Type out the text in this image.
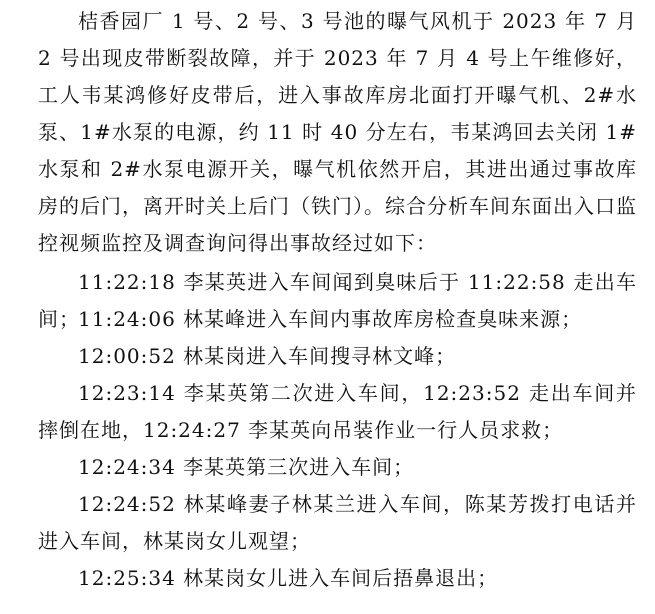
桔香园厂 1 号、2 号、3 号池的曝气风机于 2023 年 7 月 2 号出现皮带断裂故障，并于 2023 年 7 月 4 号上午维修好，工人韦某鸿修好皮带后，进入事故库房北面打开曝气机、2#水泵、1#水泵的电源，约 11 时 40 分左右，韦某鸿回去关闭 1#水泵和 2#水泵电源开关，曝气机依然开启，其进出通过事故库房的后门，离开时关上后门（铁门）。综合分析车间东面出入口监控视频监控及调查询问得出事故经过如下：

11:22:18 李某英进入车间闻到臭味后于 11:22:58 走出车间；

11:24:06 林某峰进入车间内事故库房检查臭味来源；

12:00:52 林某岗进入车间搜寻林文峰；

12:23:14 李某英第二次进入车间，12:23:52 走出车间并摔倒在地，12:24:27 李某英向吊装作业一行人员求救；

12:24:34 李某英第三次进入车间；

12:24:52 林某峰妻子林某兰进入车间，陈某芳拨打电话并进入车间，林某岗女儿观望；

12:25:34 林某岗女儿进入车间后捂鼻退出；
